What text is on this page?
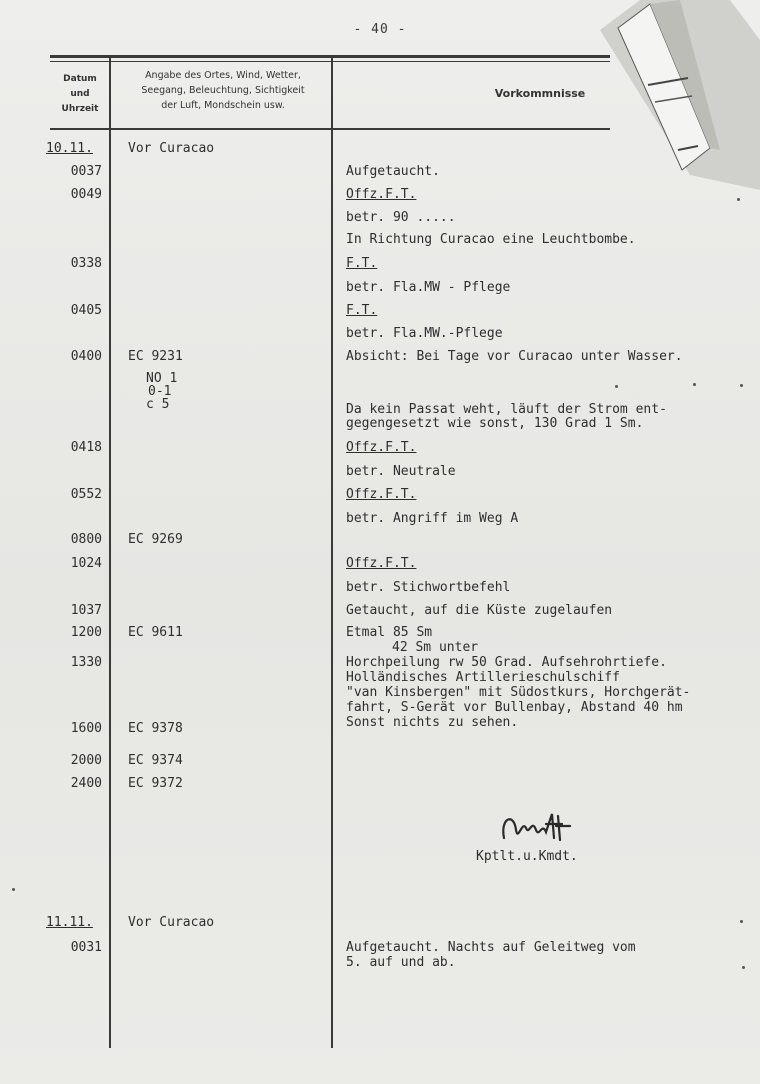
- 40 -
Datum
und
Uhrzeit
Angabe des Ortes, Wind, Wetter,
Seegang, Beleuchtung, Sichtigkeit
der Luft, Mondschein usw.
Vorkommnisse
10.11.	Vor Curacao
0037	Aufgetaucht.
0049	Offz.F.T.
betr. 90 .....
In Richtung Curacao eine Leuchtbombe.
0338	F.T.
betr. Fla.MW - Pflege
0405	F.T.
betr. Fla.MW.-Pflege
0400 EC 9231	Absicht: Bei Tage vor Curacao unter Wasser.
NO 1
0-1
c 5	Da kein Passat weht, läuft der Strom ent-
gegengesetzt wie sonst, 130 Grad 1 Sm.
0418	Offz.F.T.
betr. Neutrale
0552	Offz.F.T.
betr. Angriff im Weg A
0800 EC 9269
1024	Offz.F.T.
betr. Stichwortbefehl
1037	Getaucht, auf die Küste zugelaufen
1200 EC 9611	Etmal 85 Sm
42 Sm unter
1330	Horchpeilung rw 50 Grad. Aufsehrohrtiefe.
Holländisches Artillerieschulschiff
"van Kinsbergen" mit Südostkurs, Horchgerät-
fahrt, S-Gerät vor Bullenbay, Abstand 40 hm
Sonst nichts zu sehen.
1600 EC 9378
2000 EC 9374
2400 EC 9372
Kptlt.u.Kmdt.
11.11.	Vor Curacao
0031	Aufgetaucht. Nachts auf Geleitweg vom
5. auf und ab.
